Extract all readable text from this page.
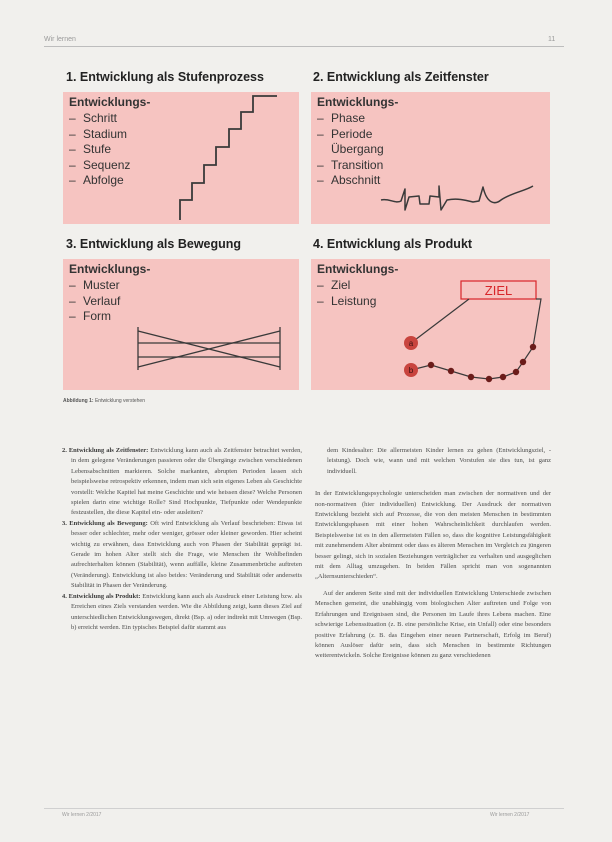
Wir lernen	11
1. Entwicklung als Stufenprozess	2. Entwicklung als Zeitfenster
3. Entwicklung als Bewegung	4. Entwicklung als Produkt
Entwicklungs-
– Schritt
– Stadium
– Stufe
– Sequenz
– Abfolge
Entwicklungs-
– Phase
– Periode
Übergang
– Transition
– Abschnitt
Entwicklungs-
– Muster
– Verlauf
– Form
Entwicklungs-
– Ziel
– Leistung
ZIEL
a
b
Abbildung 1: Entwicklung verstehen

2. Entwicklung als Zeitfenster: Entwicklung kann auch als Zeitfenster betrachtet werden, in dem gelegene Veränderungen passieren oder die Übergänge zwischen verschiedenen Lebensabschnitten markieren. Solche markanten, abrupten Perioden lassen sich beispielsweise retrospektiv erkennen, indem man sich sein eigenes Leben als Geschichte vorstellt: Welche Kapitel hat meine Geschichte und wie heissen diese? Welche Personen spielen darin eine wichtige Rolle? Sind Hochpunkte, Tiefpunkte oder Wendepunkte festzustellen, die diese Kapitel ein- oder ausleiten?

3. Entwicklung als Bewegung: Oft wird Entwicklung als Verlauf beschrieben: Etwas ist besser oder schlechter, mehr oder weniger, grösser oder kleiner geworden. Hier scheint wichtig zu erwähnen, dass Entwicklung auch von Phasen der Stabilität geprägt ist. Gerade im hohen Alter stellt sich die Frage, wie Menschen ihr Wohlbefinden aufrechterhalten können (Stabilität), wenn auffälle, kleine Zusammenbrüche auftreten (Veränderung). Entwicklung ist also beides: Veränderung und Stabilität oder anderseits Stabilität in Phasen der Veränderung.

4. Entwicklung als Produkt: Entwicklung kann auch als Ausdruck einer Leistung bzw. als Erreichen eines Ziels verstanden werden. Wie die Abbildung zeigt, kann dieses Ziel auf unterschiedlichen Entwicklungswegen, direkt (Bsp. a) oder indirekt mit Umwegen (Bsp. b) erreicht werden. Ein typisches Beispiel dafür stammt aus

dem Kindesalter: Die allermeisten Kinder lernen zu gehen (Entwicklungsziel, -leistung). Doch wie, wann und mit welchen Vorstufen sie dies tun, ist ganz individuell.

In der Entwicklungspsychologie unterscheiden man zwischen der normativen und der non-normativen (hier individuellen) Entwicklung. Der Ausdruck der normativen Entwicklung bezieht sich auf Prozesse, die von den meisten Menschen in bestimmten Entwicklungsphasen mit einer hohen Wahrscheinlichkeit durchlaufen werden. Beispielsweise ist es in den allermeisten Fällen so, dass die kognitive Leistungsfähigkeit mit zunehmendem Alter abnimmt oder dass es älteren Menschen im Vergleich zu jüngeren besser gelingt, sich in sozialen Beziehungen verträglicher zu verhalten und ausgeglichen mit dem Alltag umzugehen. In beiden Fällen spricht man von sogenannten „Alternsunterschieden“.

Auf der anderen Seite sind mit der individuellen Entwicklung Unterschiede zwischen Menschen gemeint, die unabhängig vom biologischen Alter auftreten und Folge von Erfahrungen und Ereignissen sind, die Personen im Laufe ihres Lebens machen. Eine schwierige Lebenssituation (z. B. eine persönliche Krise, ein Unfall) oder eine besonders positive Erfahrung (z. B. das Eingehen einer neuen Partnerschaft, Erfolg im Beruf) können Auslöser dafür sein, dass sich Menschen in bestimmte Richtungen weiterentwickeln. Solche Ereignisse können zu ganz verschiedenen

Wir lernen 2/2017	Wir lernen 2/2017
